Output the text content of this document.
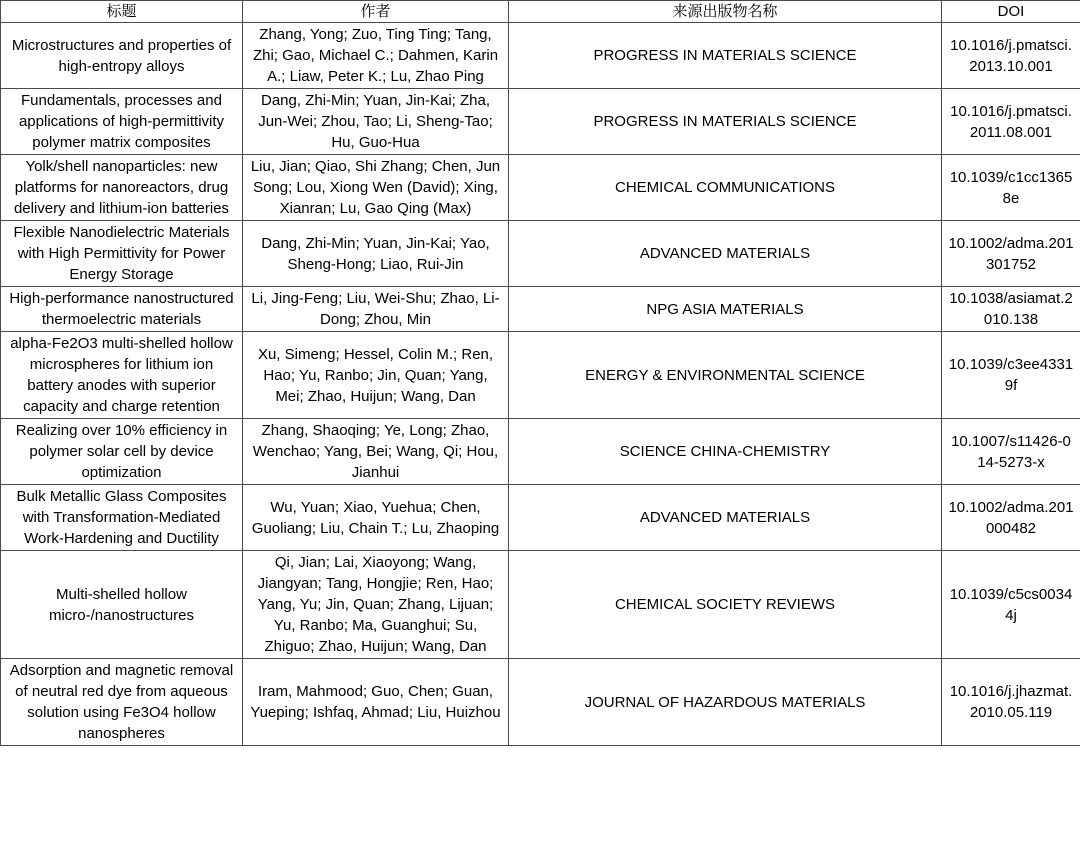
标题	作者	来源出版物名称	DOI
Microstructures and properties of high-entropy alloys	Zhang, Yong; Zuo, Ting Ting; Tang, Zhi; Gao, Michael C.; Dahmen, Karin A.; Liaw, Peter K.; Lu, Zhao Ping	PROGRESS IN MATERIALS SCIENCE	10.1016/j.pmatsci.2013.10.001
Fundamentals, processes and applications of high-permittivity polymer matrix composites	Dang, Zhi-Min; Yuan, Jin-Kai; Zha, Jun-Wei; Zhou, Tao; Li, Sheng-Tao; Hu, Guo-Hua	PROGRESS IN MATERIALS SCIENCE	10.1016/j.pmatsci.2011.08.001
Yolk/shell nanoparticles: new platforms for nanoreactors, drug delivery and lithium-ion batteries	Liu, Jian; Qiao, Shi Zhang; Chen, Jun Song; Lou, Xiong Wen (David); Xing, Xianran; Lu, Gao Qing (Max)	CHEMICAL COMMUNICATIONS	10.1039/c1cc13658e
Flexible Nanodielectric Materials with High Permittivity for Power Energy Storage	Dang, Zhi-Min; Yuan, Jin-Kai; Yao, Sheng-Hong; Liao, Rui-Jin	ADVANCED MATERIALS	10.1002/adma.201301752
High-performance nanostructured thermoelectric materials	Li, Jing-Feng; Liu, Wei-Shu; Zhao, Li-Dong; Zhou, Min	NPG ASIA MATERIALS	10.1038/asiamat.2010.138
alpha-Fe2O3 multi-shelled hollow microspheres for lithium ion battery anodes with superior capacity and charge retention	Xu, Simeng; Hessel, Colin M.; Ren, Hao; Yu, Ranbo; Jin, Quan; Yang, Mei; Zhao, Huijun; Wang, Dan	ENERGY & ENVIRONMENTAL SCIENCE	10.1039/c3ee43319f
Realizing over 10% efficiency in polymer solar cell by device optimization	Zhang, Shaoqing; Ye, Long; Zhao, Wenchao; Yang, Bei; Wang, Qi; Hou, Jianhui	SCIENCE CHINA-CHEMISTRY	10.1007/s11426-014-5273-x
Bulk Metallic Glass Composites with Transformation-Mediated Work-Hardening and Ductility	Wu, Yuan; Xiao, Yuehua; Chen, Guoliang; Liu, Chain T.; Lu, Zhaoping	ADVANCED MATERIALS	10.1002/adma.201000482
Multi-shelled hollow micro-/nanostructures	Qi, Jian; Lai, Xiaoyong; Wang, Jiangyan; Tang, Hongjie; Ren, Hao; Yang, Yu; Jin, Quan; Zhang, Lijuan; Yu, Ranbo; Ma, Guanghui; Su, Zhiguo; Zhao, Huijun; Wang, Dan	CHEMICAL SOCIETY REVIEWS	10.1039/c5cs00344j
Adsorption and magnetic removal of neutral red dye from aqueous solution using Fe3O4 hollow nanospheres	Iram, Mahmood; Guo, Chen; Guan, Yueping; Ishfaq, Ahmad; Liu, Huizhou	JOURNAL OF HAZARDOUS MATERIALS	10.1016/j.jhazmat.2010.05.119
